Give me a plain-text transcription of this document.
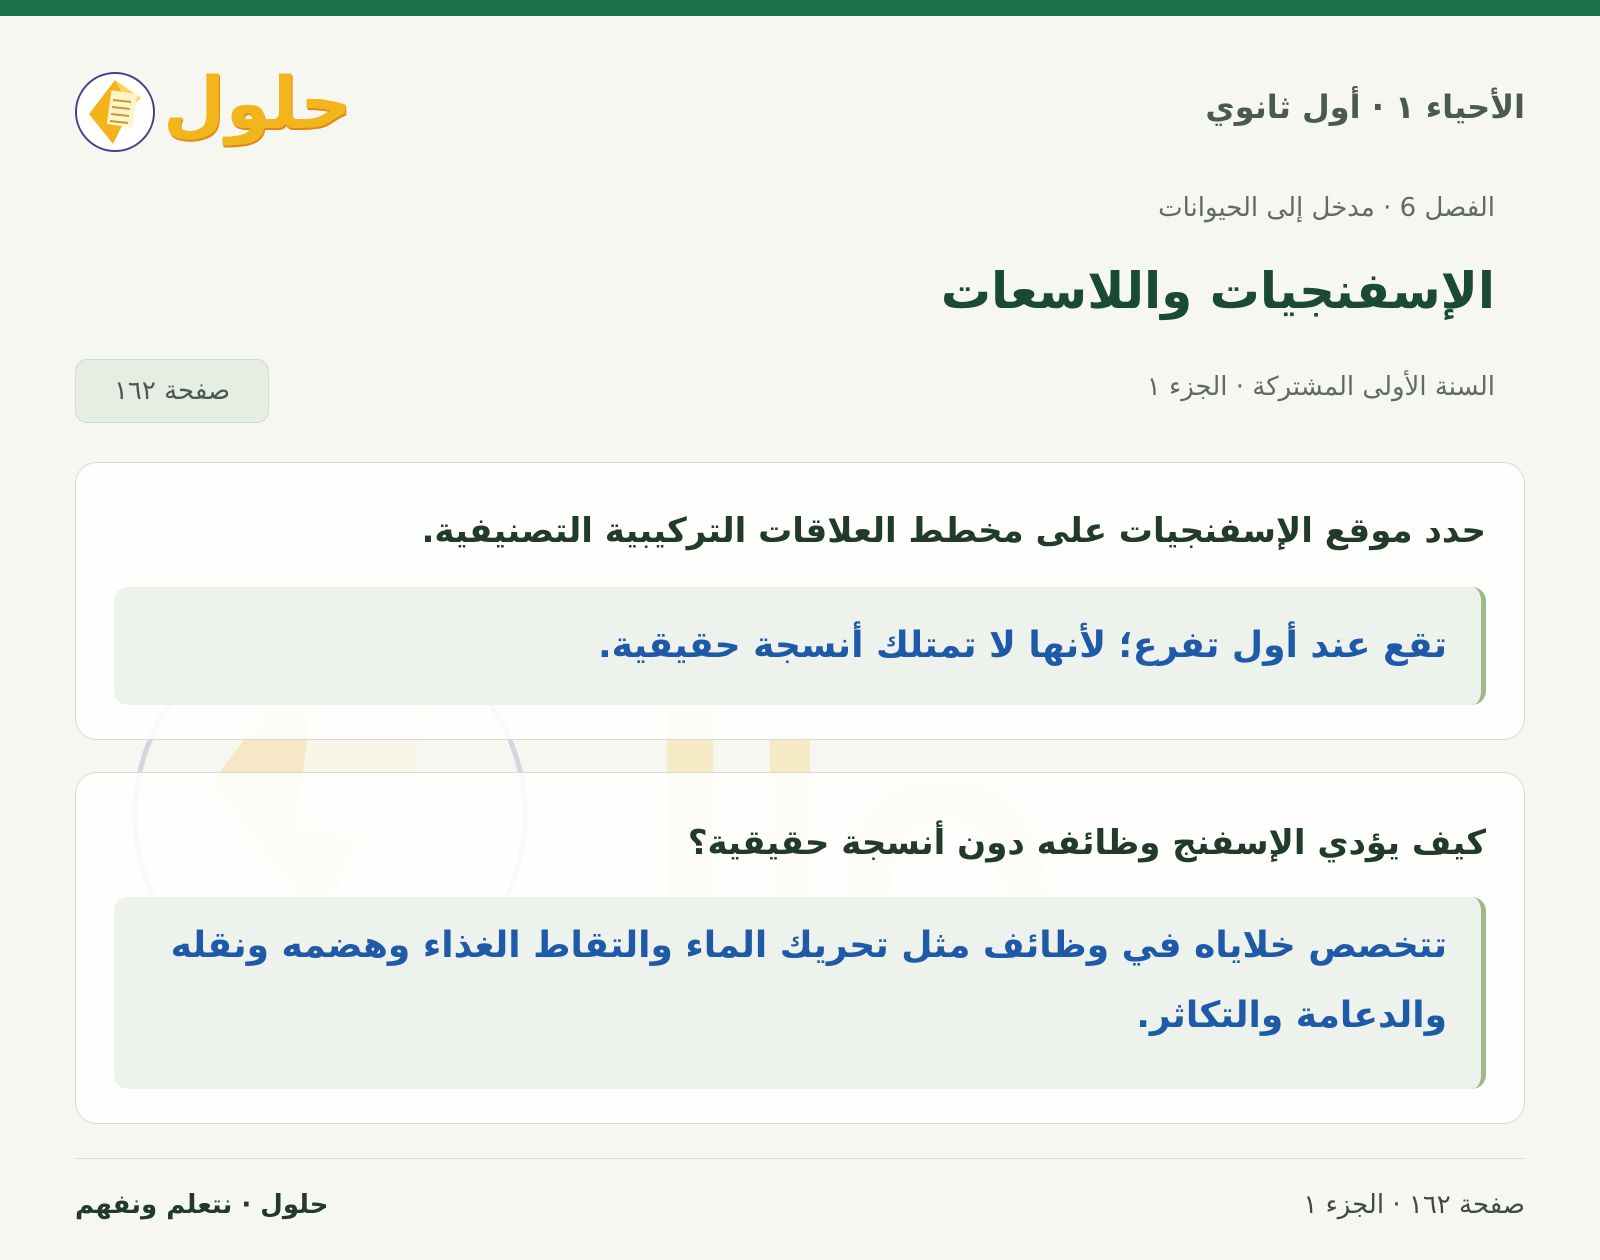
الأحياء ١ · أول ثانوي
حلول
الفصل 6 · مدخل إلى الحيوانات
الإسفنجيات واللاسعات
السنة الأولى المشتركة · الجزء ١
صفحة ١٦٢
حدد موقع الإسفنجيات على مخطط العلاقات التركيبية التصنيفية.
تقع عند أول تفرع؛ لأنها لا تمتلك أنسجة حقيقية.
كيف يؤدي الإسفنج وظائفه دون أنسجة حقيقية؟
تتخصص خلاياه في وظائف مثل تحريك الماء والتقاط الغذاء وهضمه ونقله والدعامة والتكاثر.
حلول · نتعلم ونفهم	صفحة ١٦٢ · الجزء ١
